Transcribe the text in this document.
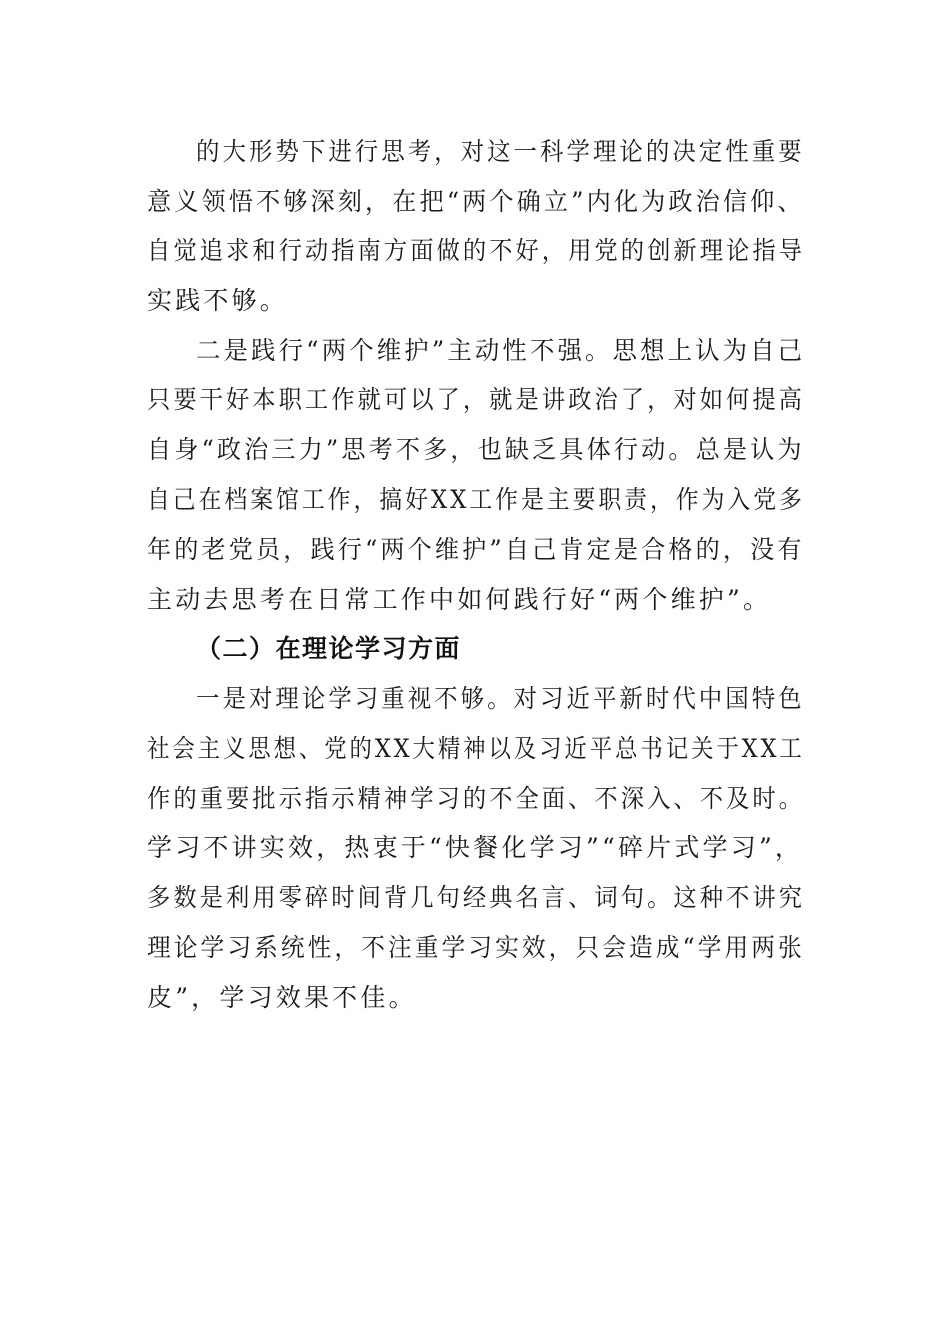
的大形势下进行思考，对这一科学理论的决定性重要
意义领悟不够深刻，在把“两个确立”内化为政治信仰、
自觉追求和行动指南方面做的不好，用党的创新理论指导
实践不够。
二是践行“两个维护”主动性不强。思想上认为自己
只要干好本职工作就可以了，就是讲政治了，对如何提高
自身“政治三力”思考不多，也缺乏具体行动。总是认为
自己在档案馆工作，搞好XX工作是主要职责，作为入党多
年的老党员，践行“两个维护”自己肯定是合格的，没有
主动去思考在日常工作中如何践行好“两个维护”。
（二）在理论学习方面
一是对理论学习重视不够。对习近平新时代中国特色
社会主义思想、党的XX大精神以及习近平总书记关于XX工
作的重要批示指示精神学习的不全面、不深入、不及时。
学习不讲实效，热衷于“快餐化学习”“碎片式学习”，
多数是利用零碎时间背几句经典名言、词句。这种不讲究
理论学习系统性，不注重学习实效，只会造成“学用两张
皮”，学习效果不佳。
